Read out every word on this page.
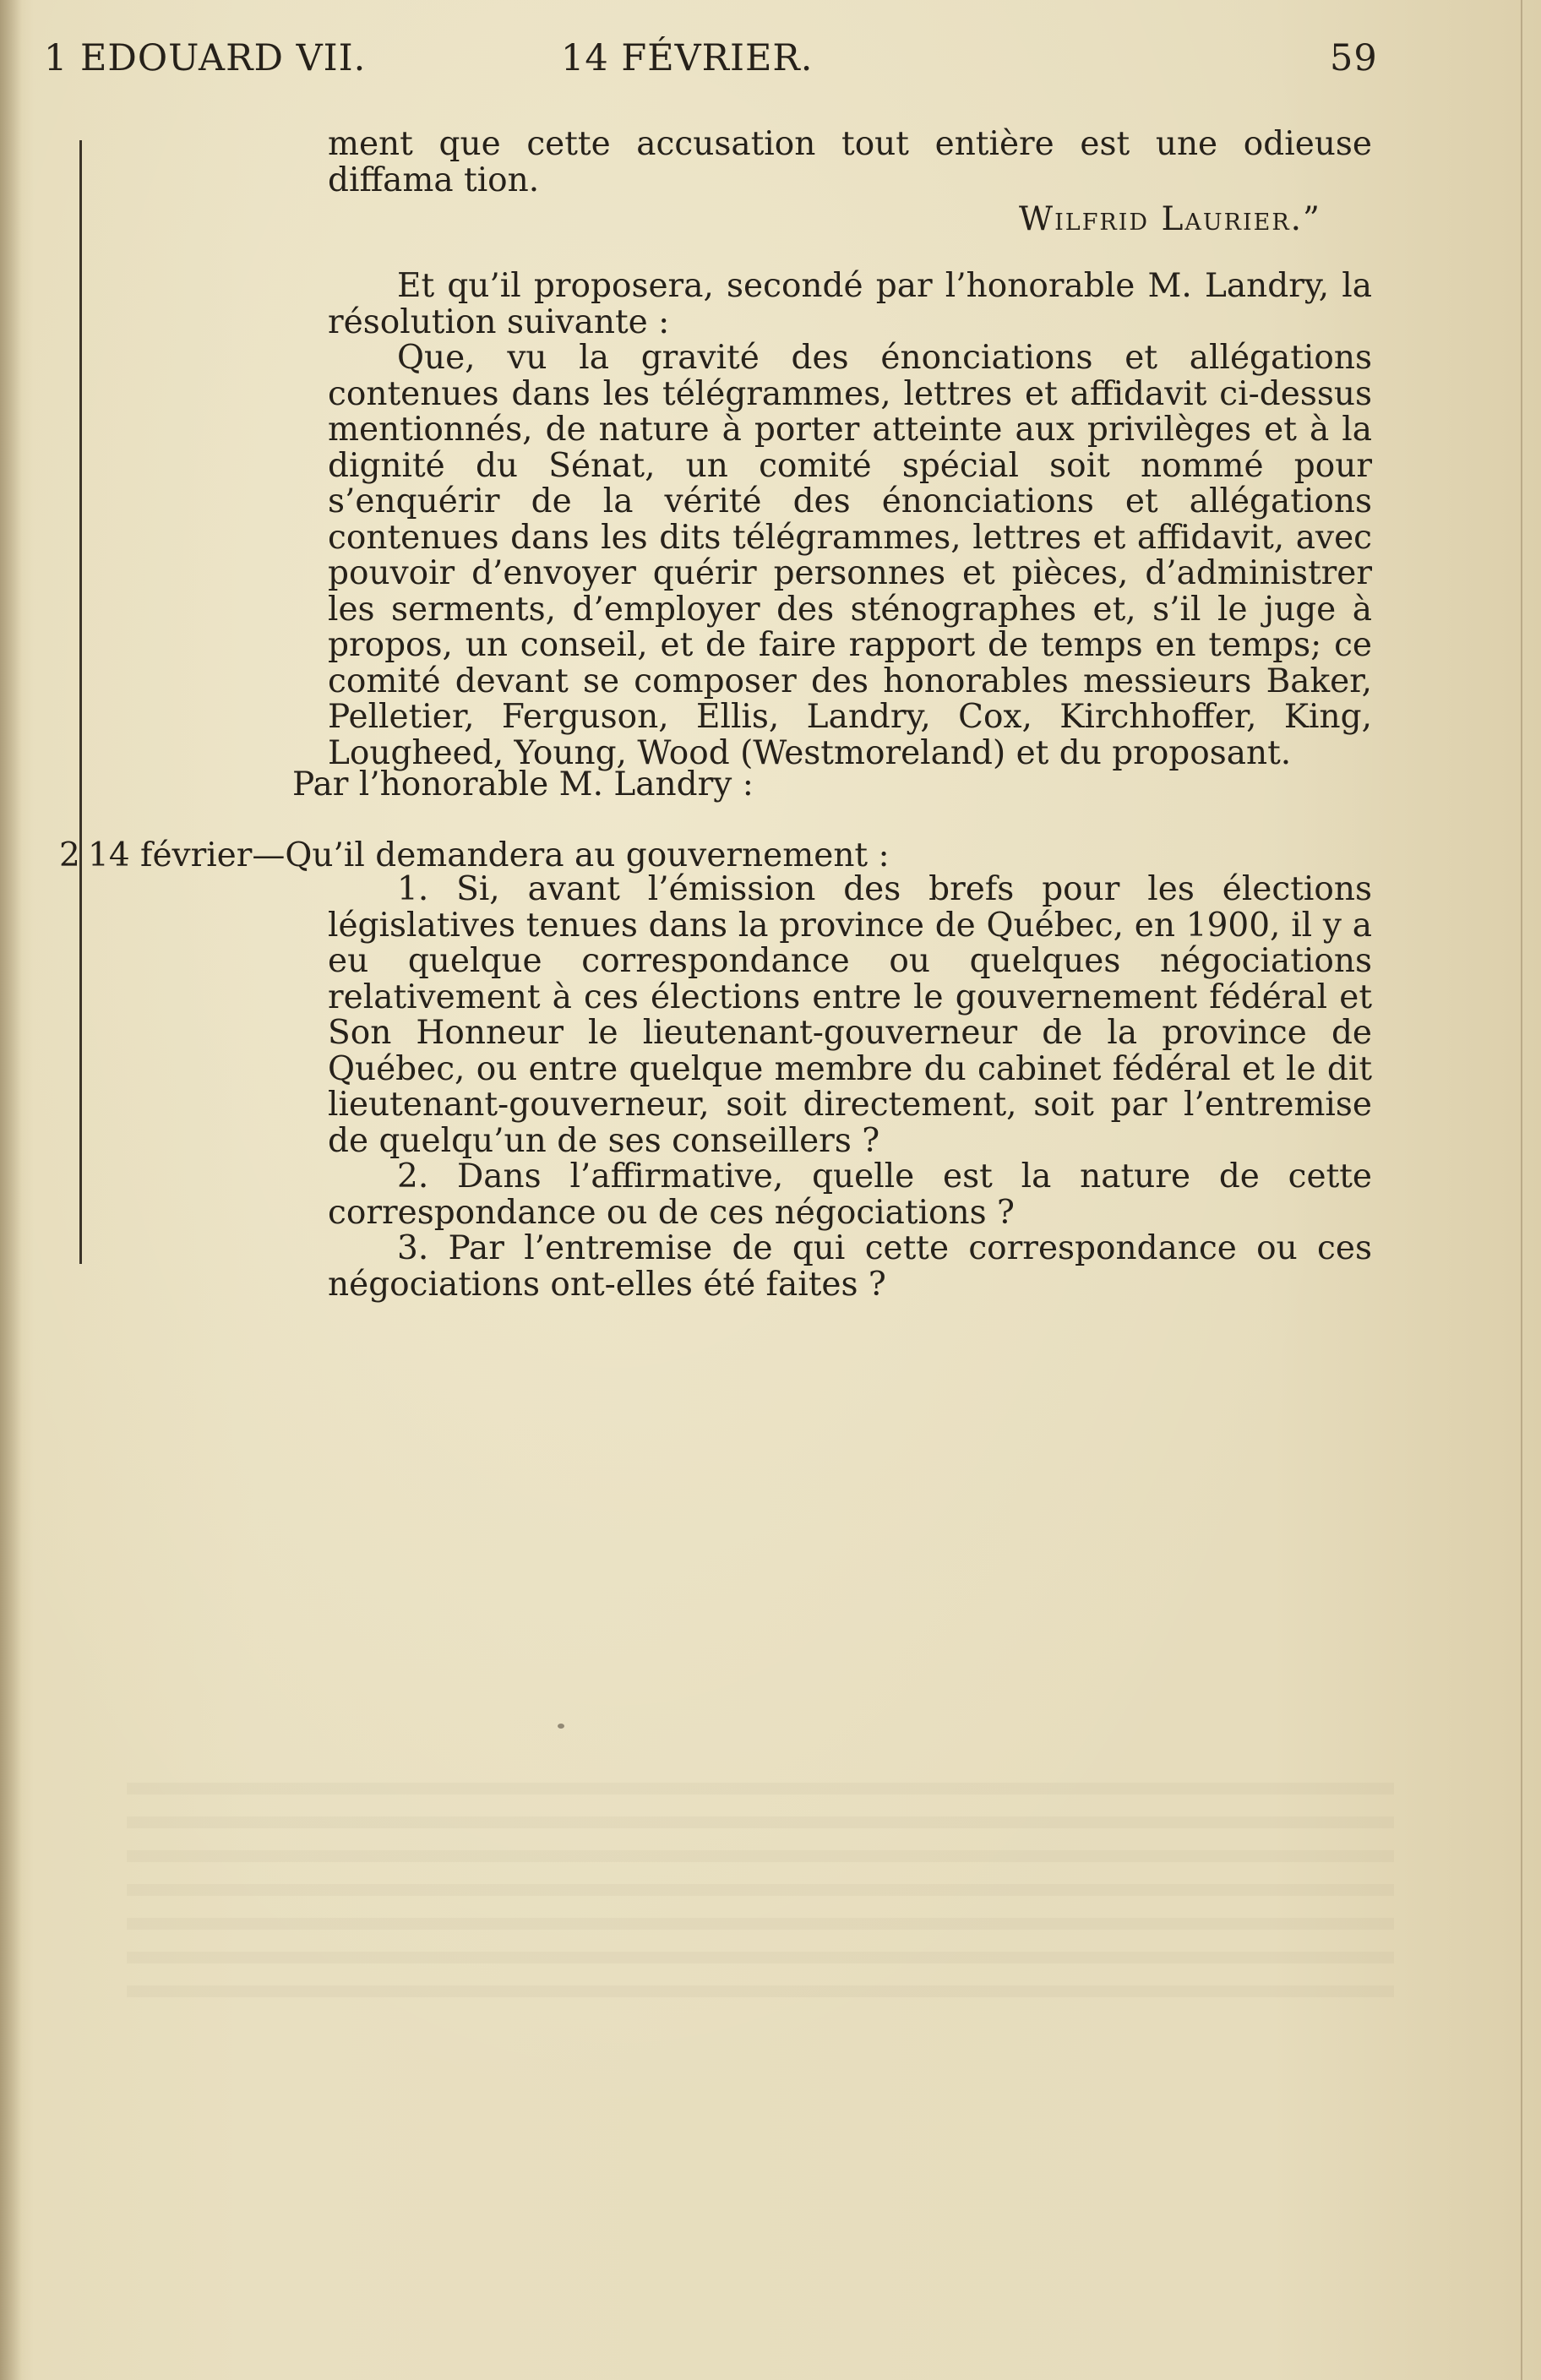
1 EDOUARD VII.	14 FÉVRIER.	59

ment que cette accusation tout entière est une odieuse diffama tion.

Wilfrid Laurier.”

Et qu’il proposera, secondé par l’honorable M. Landry, la résolution suivante :

Que, vu la gravité des énonciations et allégations contenues dans les télégrammes, lettres et affidavit ci-dessus mentionnés, de nature à porter atteinte aux privilèges et à la dignité du Sénat, un comité spécial soit nommé pour s’enquérir de la vérité des énonciations et allégations contenues dans les dits télégrammes, lettres et affidavit, avec pouvoir d’envoyer quérir personnes et pièces, d’administrer les serments, d’employer des sténographes et, s’il le juge à propos, un conseil, et de faire rapport de temps en temps; ce comité devant se composer des honorables messieurs Baker, Pelletier, Ferguson, Ellis, Landry, Cox, Kirchhoffer, King, Lougheed, Young, Wood (Westmoreland) et du proposant.

Par l’honorable M. Landry :
2 14 février—Qu’il demandera au gouvernement :

1. Si, avant l’émission des brefs pour les élections législatives tenues dans la province de Québec, en 1900, il y a eu quelque correspondance ou quelques négociations relativement à ces élections entre le gouvernement fédéral et Son Honneur le lieutenant-gouverneur de la province de Québec, ou entre quelque membre du cabinet fédéral et le dit lieutenant-gouverneur, soit directement, soit par l’entremise de quelqu’un de ses conseillers ?

2. Dans l’affirmative, quelle est la nature de cette correspondance ou de ces négociations ?

3. Par l’entremise de qui cette correspondance ou ces négociations ont-elles été faites ?
